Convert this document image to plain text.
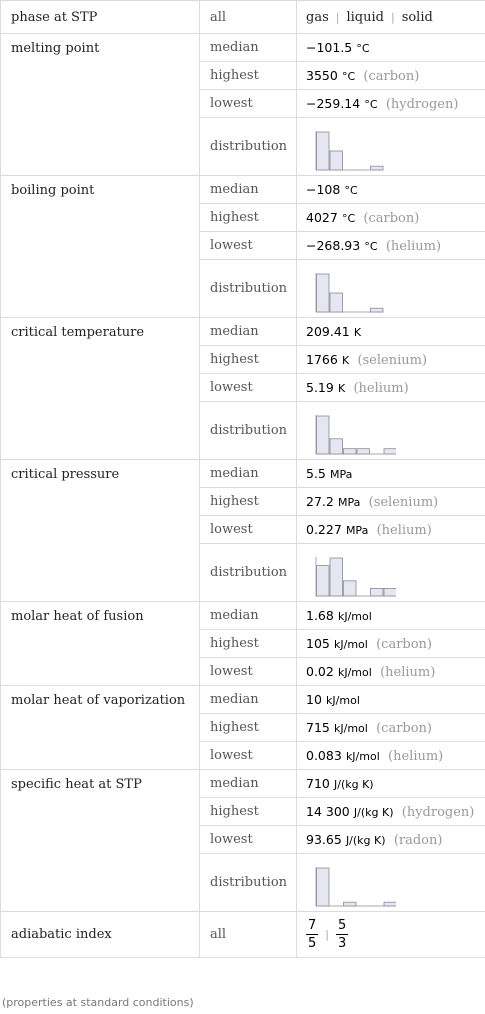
phase at STP	all	gas | liquid | solid
melting point	median	−101.5 °C
	highest	3550 °C (carbon)
	lowest	−259.14 °C (hydrogen)
	distribution	

boiling point	median	−108 °C
	highest	4027 °C (carbon)
	lowest	−268.93 °C (helium)
	distribution	

critical temperature	median	209.41 K
	highest	1766 K (selenium)
	lowest	5.19 K (helium)
	distribution	

critical pressure	median	5.5 MPa
	highest	27.2 MPa (selenium)
	lowest	0.227 MPa (helium)
	distribution	

molar heat of fusion	median	1.68 kJ/mol
	highest	105 kJ/mol (carbon)
	lowest	0.02 kJ/mol (helium)
molar heat of vaporization	median	10 kJ/mol
	highest	715 kJ/mol (carbon)
	lowest	0.083 kJ/mol (helium)
specific heat at STP	median	710 J/(kg K)
	highest	14 300 J/(kg K) (hydrogen)
	lowest	93.65 J/(kg K) (radon)
	distribution	

adiabatic index	all	$\frac{7}{5}$ | $\frac{5}{3}$
(properties at standard conditions)
